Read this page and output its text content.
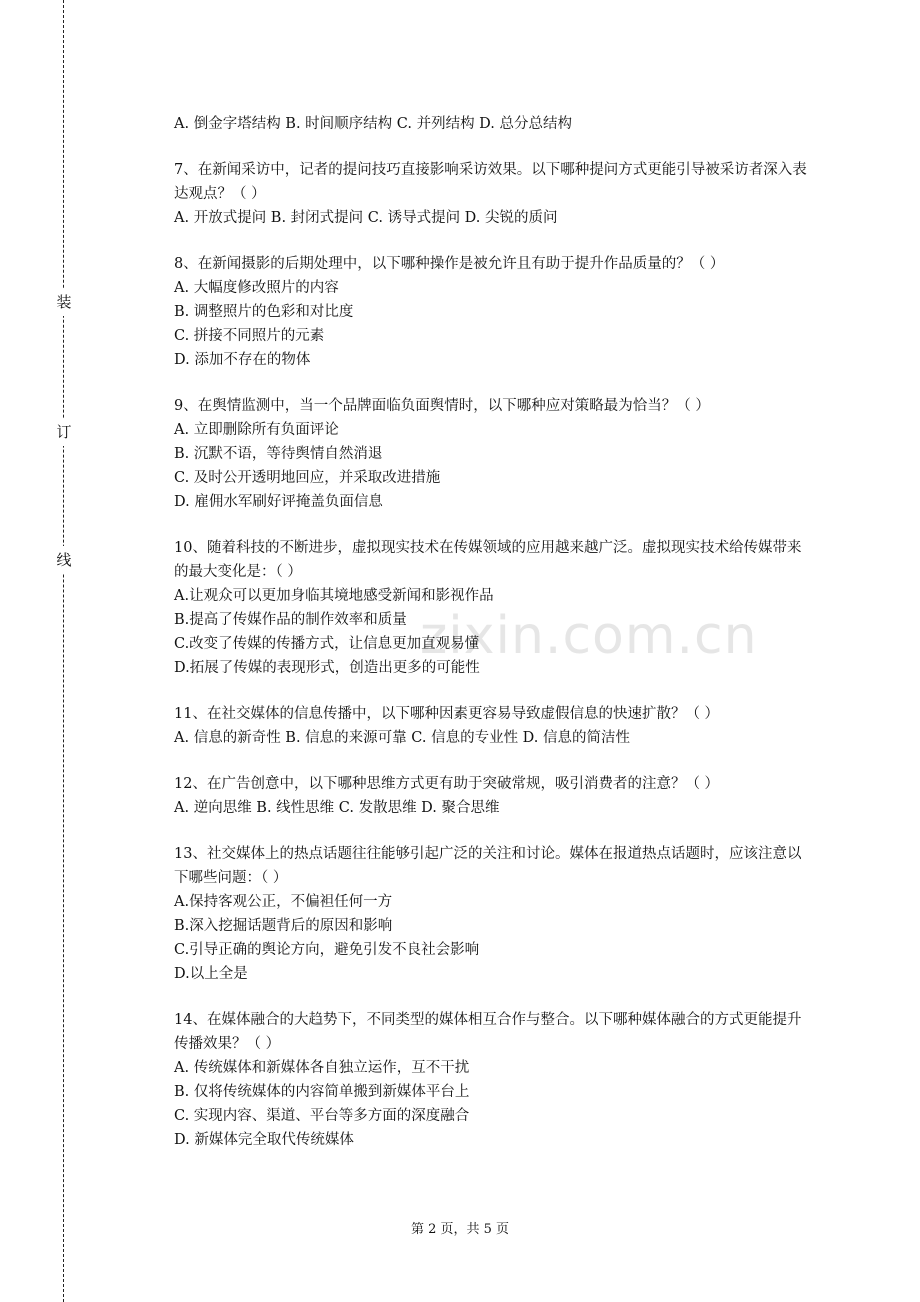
装
订
线
zixin.com.cn

A. 倒金字塔结构 B. 时间顺序结构 C. 并列结构 D. 总分总结构

7、在新闻采访中，记者的提问技巧直接影响采访效果。以下哪种提问方式更能引导被采访者深入表达观点？（ ）

A. 开放式提问 B. 封闭式提问 C. 诱导式提问 D. 尖锐的质问

8、在新闻摄影的后期处理中，以下哪种操作是被允许且有助于提升作品质量的？（ ）

A. 大幅度修改照片的内容

B. 调整照片的色彩和对比度

C. 拼接不同照片的元素

D. 添加不存在的物体

9、在舆情监测中，当一个品牌面临负面舆情时，以下哪种应对策略最为恰当？（ ）

A. 立即删除所有负面评论

B. 沉默不语，等待舆情自然消退

C. 及时公开透明地回应，并采取改进措施

D. 雇佣水军刷好评掩盖负面信息

10、随着科技的不断进步，虚拟现实技术在传媒领域的应用越来越广泛。虚拟现实技术给传媒带来的最大变化是：（ ）

A.让观众可以更加身临其境地感受新闻和影视作品

B.提高了传媒作品的制作效率和质量

C.改变了传媒的传播方式，让信息更加直观易懂

D.拓展了传媒的表现形式，创造出更多的可能性

11、在社交媒体的信息传播中，以下哪种因素更容易导致虚假信息的快速扩散？（ ）

A. 信息的新奇性 B. 信息的来源可靠 C. 信息的专业性 D. 信息的简洁性

12、在广告创意中，以下哪种思维方式更有助于突破常规，吸引消费者的注意？（ ）

A. 逆向思维 B. 线性思维 C. 发散思维 D. 聚合思维

13、社交媒体上的热点话题往往能够引起广泛的关注和讨论。媒体在报道热点话题时，应该注意以下哪些问题：（ ）

A.保持客观公正，不偏袒任何一方

B.深入挖掘话题背后的原因和影响

C.引导正确的舆论方向，避免引发不良社会影响

D.以上全是

14、在媒体融合的大趋势下，不同类型的媒体相互合作与整合。以下哪种媒体融合的方式更能提升传播效果？（ ）

A. 传统媒体和新媒体各自独立运作，互不干扰

B. 仅将传统媒体的内容简单搬到新媒体平台上

C. 实现内容、渠道、平台等多方面的深度融合

D. 新媒体完全取代传统媒体

第 2 页，共 5 页
